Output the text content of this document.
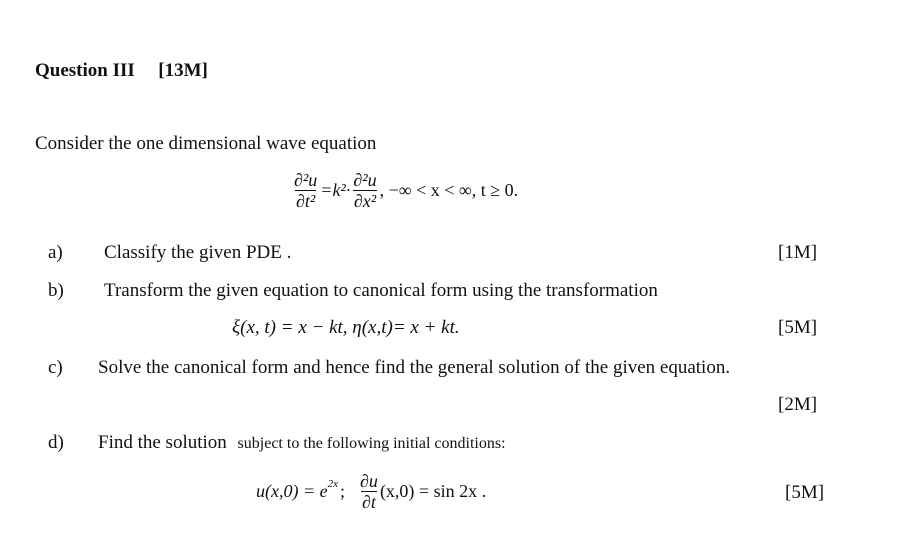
Question III [13M]
Consider the one dimensional wave equation
$\frac{\text{∂²u}}{\text{∂t²}} =k^2\cdot \frac{\text{∂²u}}{\text{∂x²}}$ , −∞ < x < ∞, t ≥ 0.
a) Classify the given PDE .	[1M]
b) Transform the given equation to canonical form using the transformation
ξ(x, t) = x − kt, η(x,t)= x + kt.	[5M]
c) Solve the canonical form and hence find the general solution of the given equation.
[2M]
d) Find the solution subject to the following initial conditions:
$u(x,0) = e^{2x}$ ; $\frac{\partial u}{\partial t} (x,0) = \sin 2x$ .	[5M]
